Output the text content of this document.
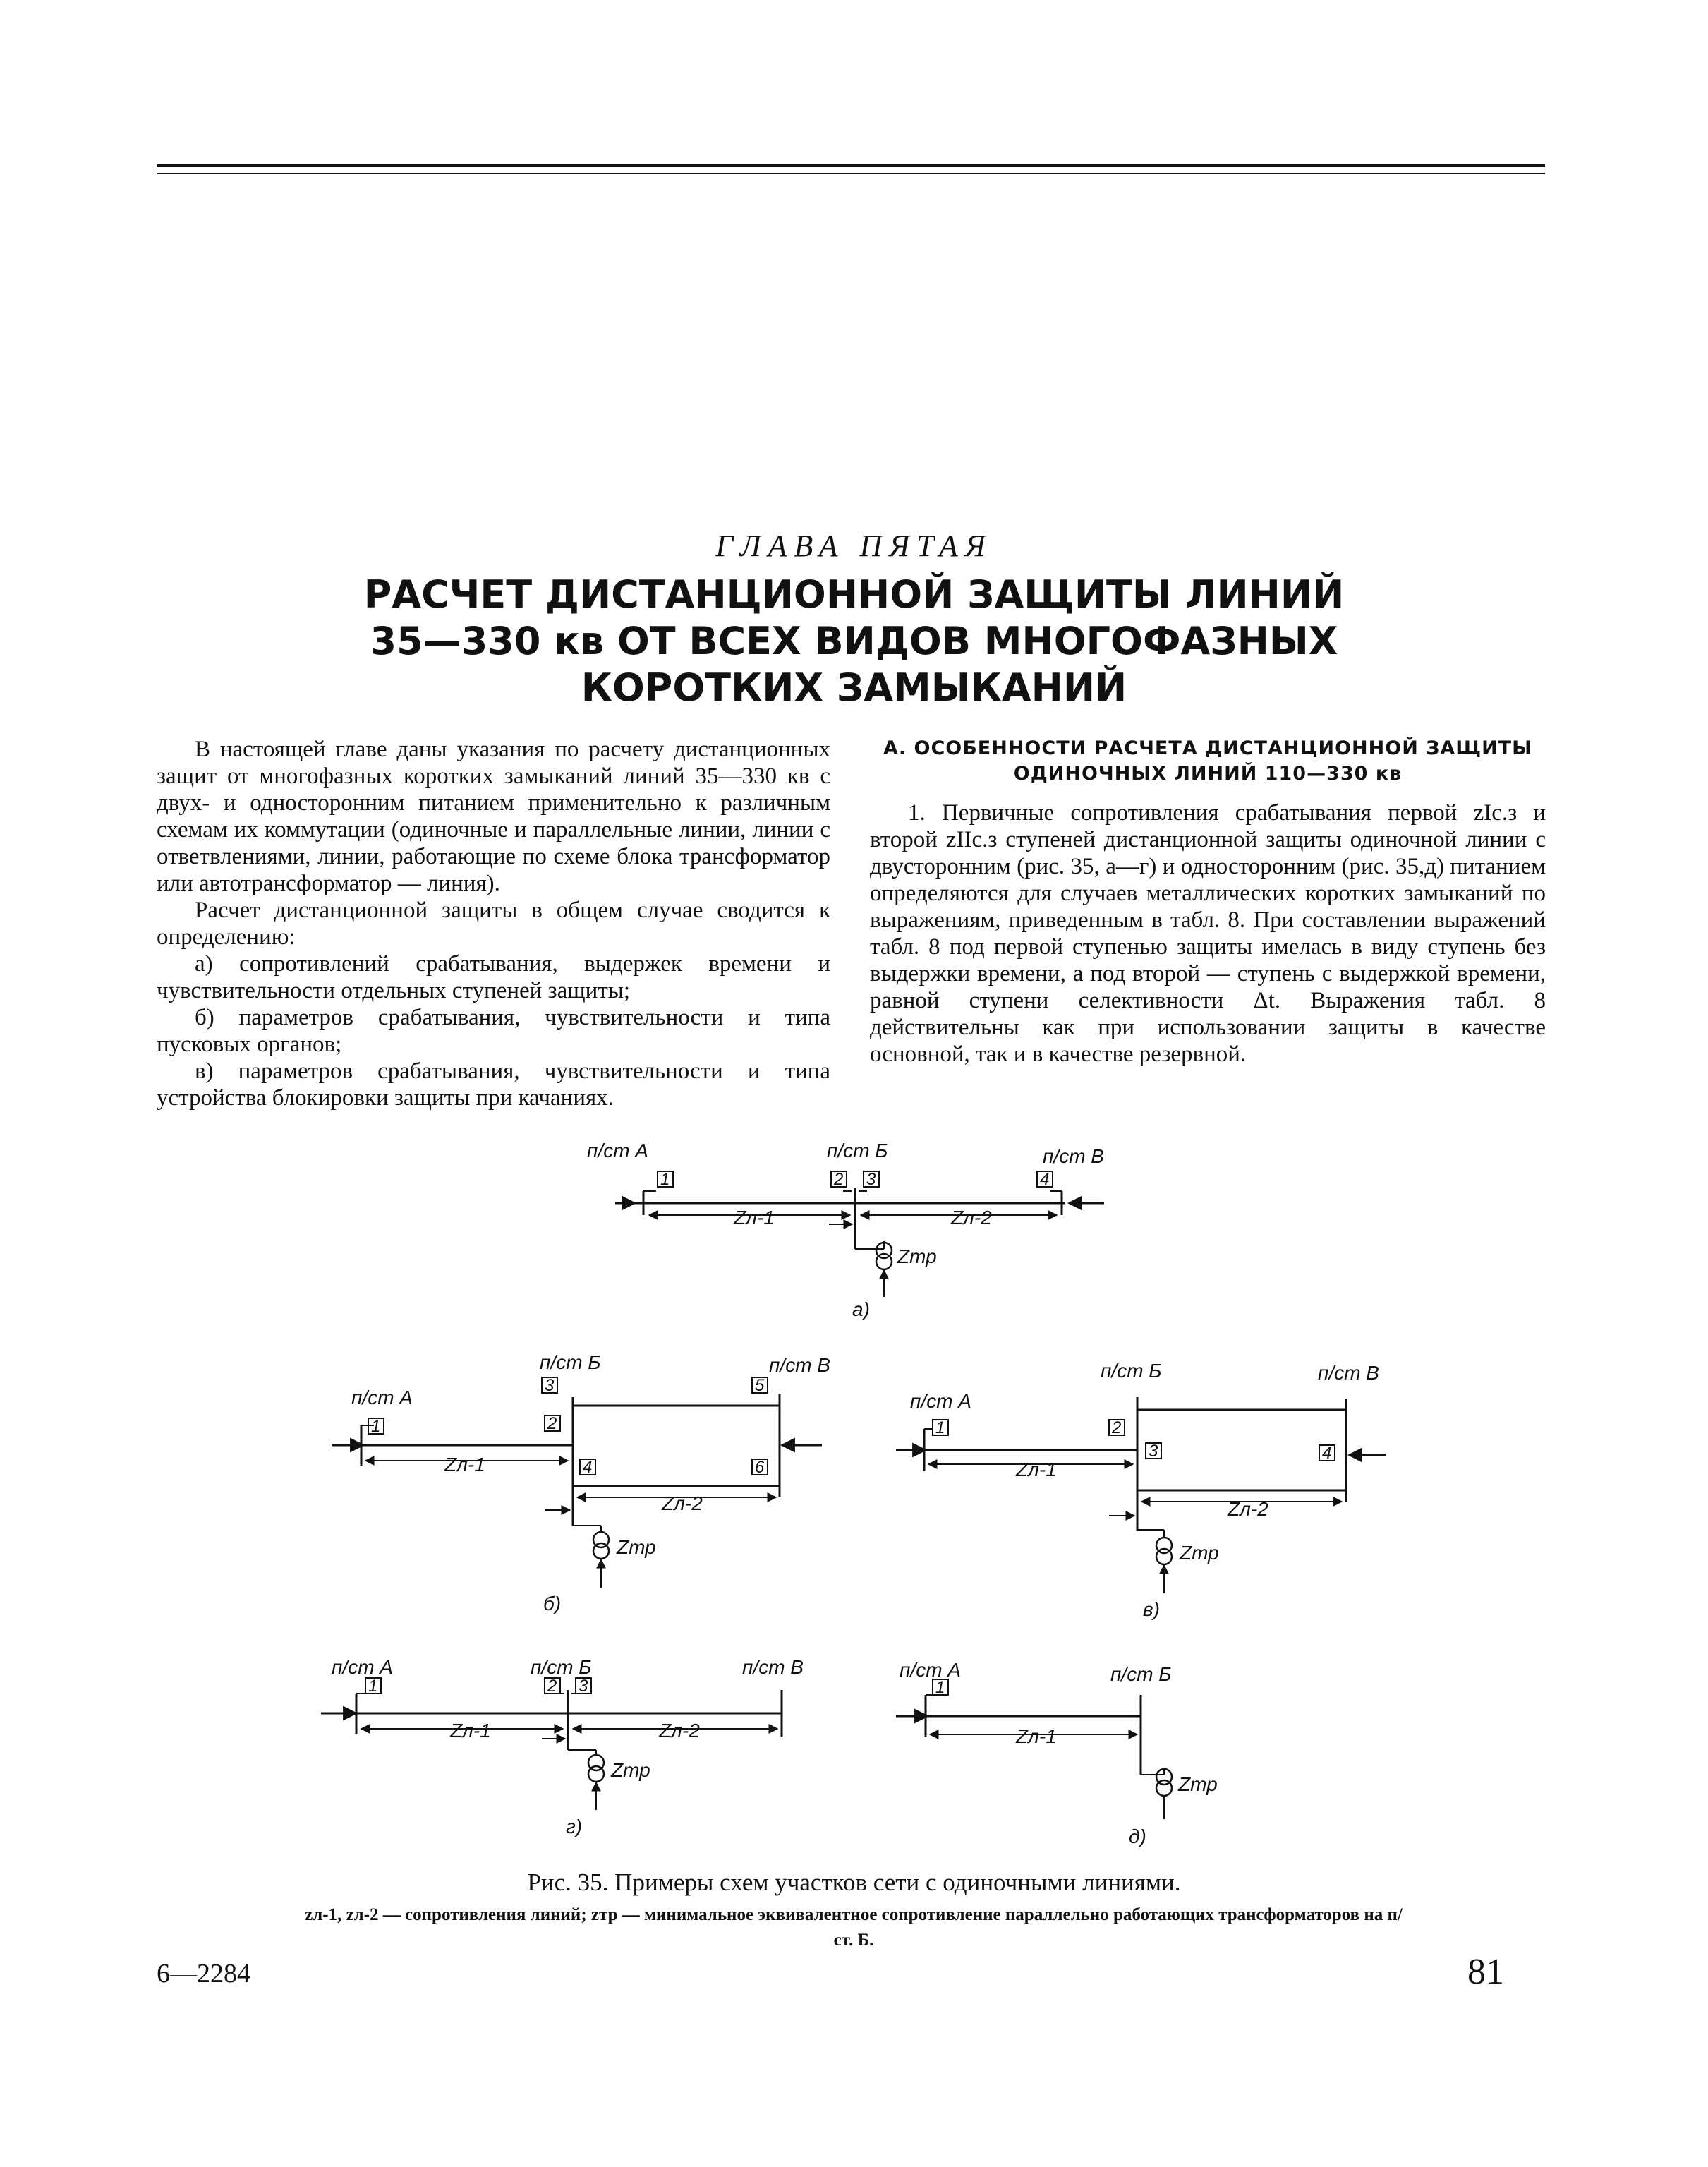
ГЛАВА ПЯТАЯ
РАСЧЕТ ДИСТАНЦИОННОЙ ЗАЩИТЫ ЛИНИЙ
35—330 кв ОТ ВСЕХ ВИДОВ МНОГОФАЗНЫХ
КОРОТКИХ ЗАМЫКАНИЙ

В настоящей главе даны указания по расчету дистанционных защит от многофазных коротких замыканий линий 35—330 кв с двух- и односторонним питанием применительно к различным схемам их коммутации (одиночные и параллельные линии, линии с ответвлениями, линии, работающие по схеме блока трансформатор или автотрансформатор — линия).

Расчет дистанционной защиты в общем случае сводится к определению:

а) сопротивлений срабатывания, выдержек времени и чувствительности отдельных ступеней защиты;

б) параметров срабатывания, чувствительности и типа пусковых органов;

в) параметров срабатывания, чувствительности и типа устройства блокировки защиты при качаниях.

А. ОСОБЕННОСТИ РАСЧЕТА ДИСТАНЦИОННОЙ ЗАЩИТЫ ОДИНОЧНЫХ ЛИНИЙ 110—330 кв

1. Первичные сопротивления срабатывания первой zIс.з и второй zIIс.з ступеней дистанционной защиты одиночной линии с двусторонним (рис. 35, а—г) и односторонним (рис. 35,д) питанием определяются для случаев металлических коротких замыканий по выражениям, приведенным в табл. 8. При составлении выражений табл. 8 под первой ступенью защиты имелась в виду ступень без выдержки времени, а под второй — ступень с выдержкой времени, равной ступени селективности Δt. Выражения табл. 8 действительны как при использовании защиты в качестве основной, так и в качестве резервной.

1	2 3	4
п/ст А	п/ст Б	п/ст В
Zл-1	Zл-2
Zтр
а)
1	2
3	5
4	6
п/ст А
п/ст Б	п/ст В
Zл-1
Zл-2
Zтр
б)
1	2
3	4
п/ст А
п/ст Б	п/ст В
Zл-1
Zл-2
Zтр
в)
1	2 3
п/ст А	п/ст Б	п/ст В
Zл-1	Zл-2
Zтр
г)
1
п/ст А	п/ст Б
Zл-1
Zтр
д)
Рис. 35. Примеры схем участков сети с одиночными линиями.
zл-1, zл-2 — сопротивления линий; zтр — минимальное эквивалентное сопротивление параллельно работающих трансформаторов на п/ст. Б.
6—2284	81
